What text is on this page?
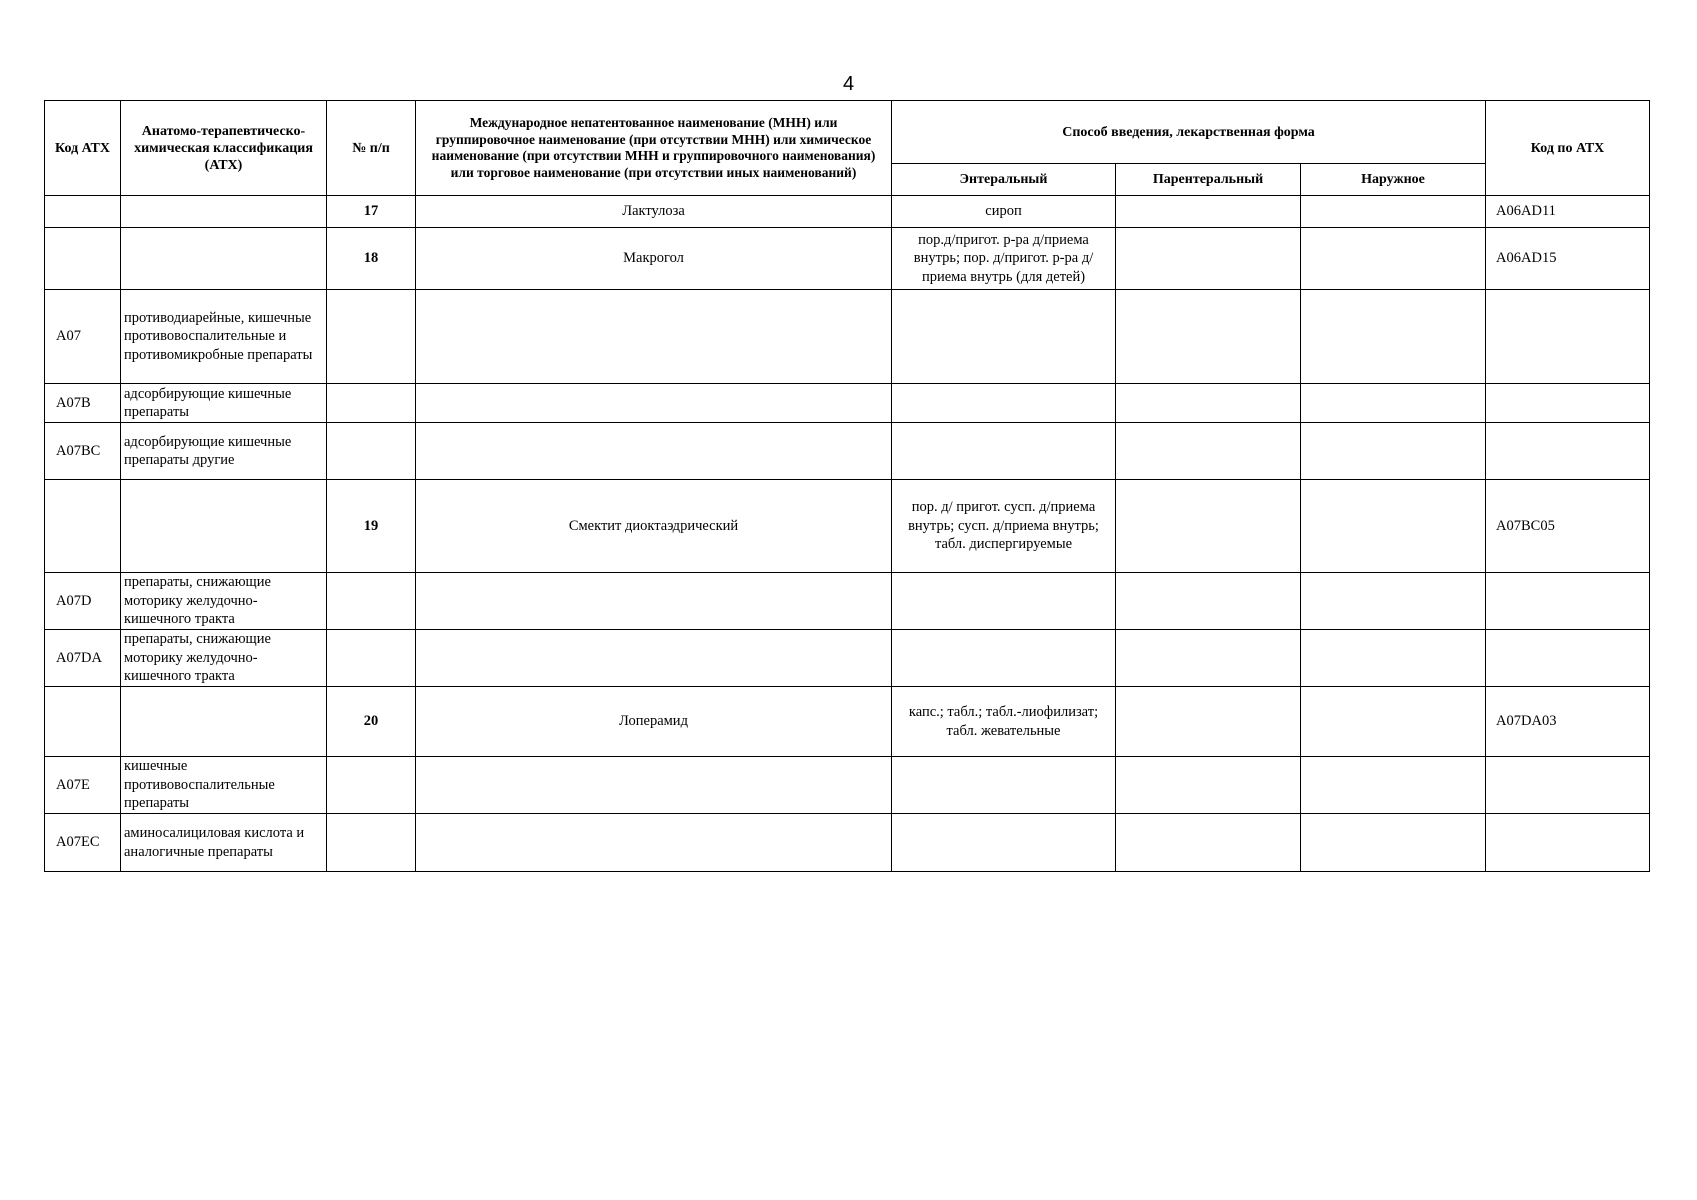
4
Код АТХ	Анатомо-терапевтическо-химическая классификация (АТХ)	№ п/п	Международное непатентованное наименование (МНН) или группировочное наименование (при отсутствии МНН) или химическое наименование (при отсутствии МНН и группировочного наименования) или торговое наименование (при отсутствии иных наименований)	Способ введения, лекарственная форма			Код по АТХ
				Энтеральный	Парентеральный	Наружное	
		17	Лактулоза	сироп			A06AD11
		18	Макрогол	пор.д/пригот. р-ра д/приема внутрь; пор. д/пригот. р-ра д/приема внутрь (для детей)			A06AD15
A07	противодиарейные, кишечные противовоспалительные и противомикробные препараты						
A07B	адсорбирующие кишечные препараты						
A07BC	адсорбирующие кишечные препараты другие						
		19	Смектит диоктаэдрический	пор. д/ пригот. сусп. д/приема внутрь; сусп. д/приема внутрь; табл. диспергируемые			A07BC05
A07D	препараты, снижающие моторику желудочно-кишечного тракта						
A07DA	препараты, снижающие моторику желудочно-кишечного тракта						
		20	Лоперамид	капс.; табл.; табл.-лиофилизат; табл. жевательные			A07DA03
A07E	кишечные противовоспалительные препараты						
A07EC	аминосалициловая кислота и аналогичные препараты						
